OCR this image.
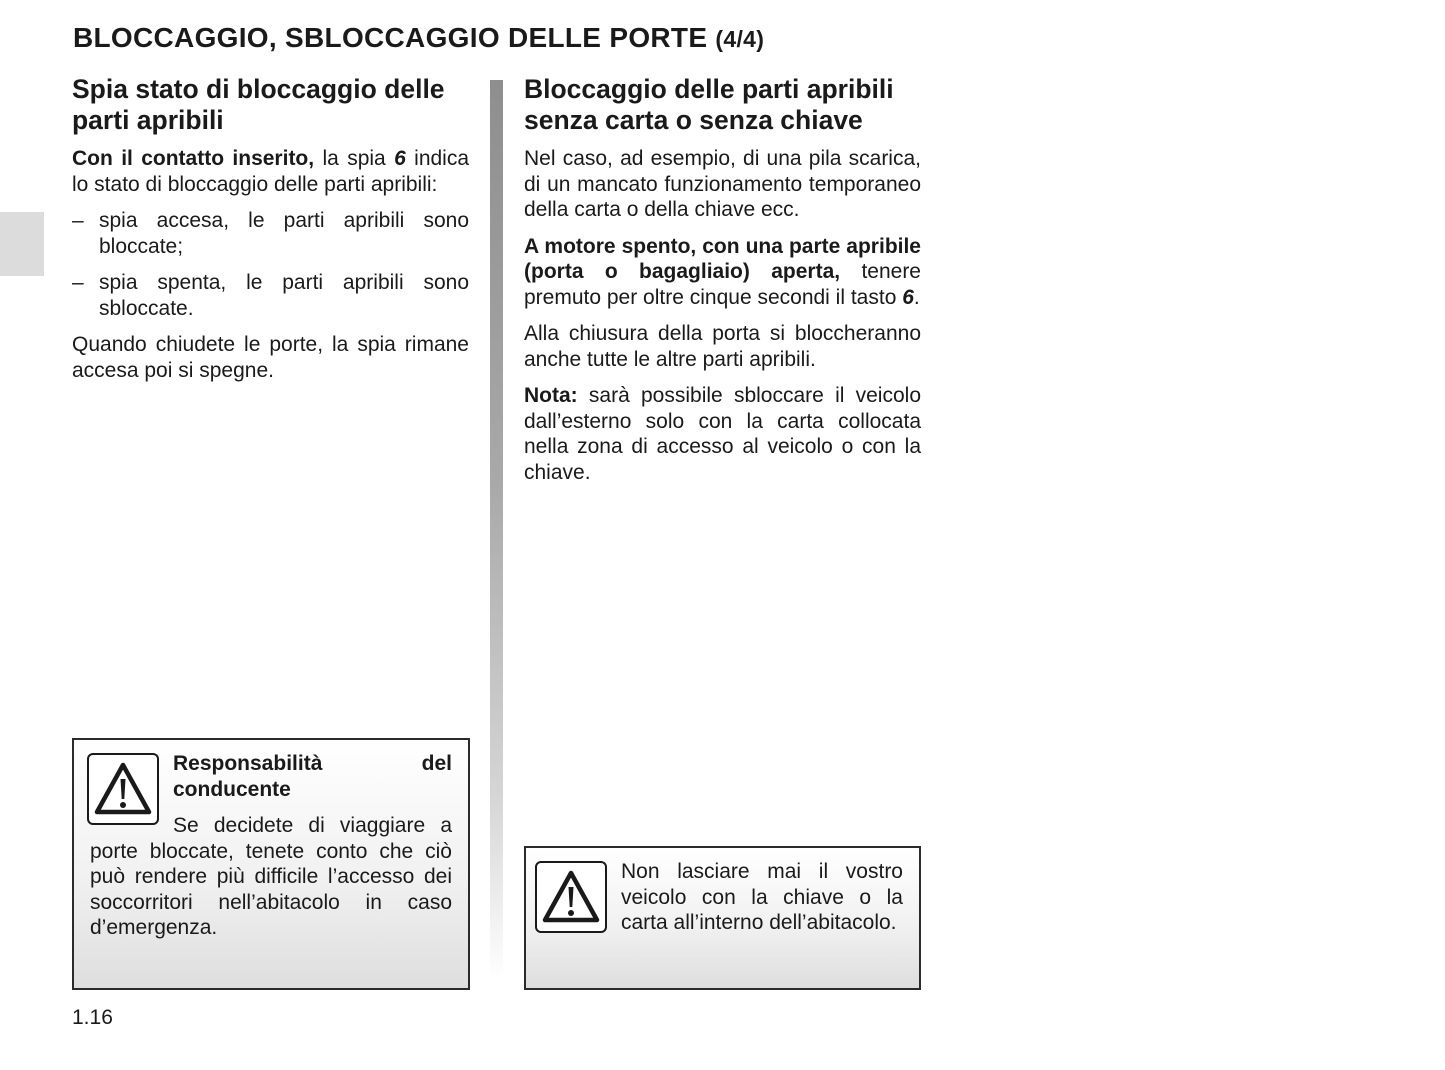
BLOCCAGGIO, SBLOCCAGGIO DELLE PORTE (4/4)
Spia stato di bloccaggio delle parti apribili

Con il contatto inserito, la spia 6 indica lo stato di bloccaggio delle parti apribili:

– spia accesa, le parti apribili sono bloccate;
– spia spenta, le parti apribili sono sbloccate.

Quando chiudete le porte, la spia rimane accesa poi si spegne.

Responsabilità del conducente

Se decidete di viaggiare a porte bloccate, tenete conto che ciò può rendere più difficile l’accesso dei soccorritori nell’abitacolo in caso d’emergenza.

Bloccaggio delle parti apribili senza carta o senza chiave

Nel caso, ad esempio, di una pila scarica, di un mancato funzionamento temporaneo della carta o della chiave ecc.

A motore spento, con una parte apribile (porta o bagagliaio) aperta, tenere premuto per oltre cinque secondi il tasto 6.

Alla chiusura della porta si bloccheranno anche tutte le altre parti apribili.

Nota: sarà possibile sbloccare il veicolo dall’esterno solo con la carta collocata nella zona di accesso al veicolo o con la chiave.

Non lasciare mai il vostro veicolo con la chiave o la carta all’interno dell’abitacolo.

1.16
